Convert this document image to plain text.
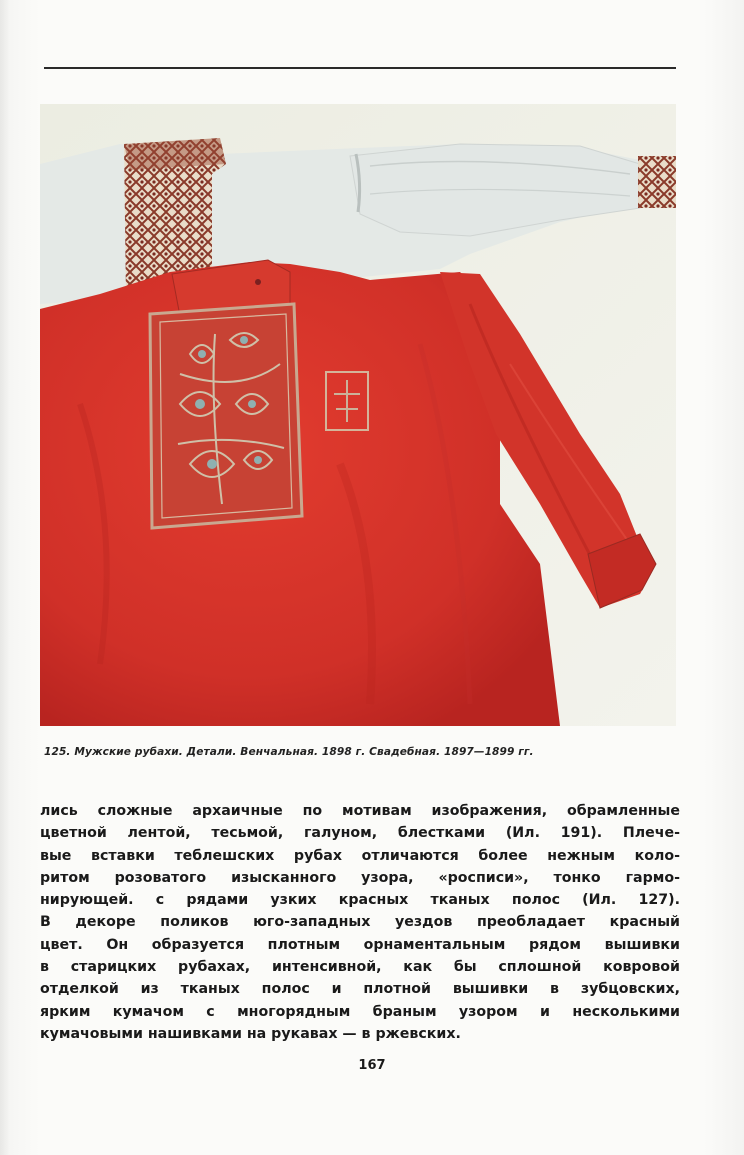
125. Мужские рубахи. Детали. Венчальная. 1898 г. Свадебная. 1897—1899 гг.
лись сложные архаичные по мотивам изображения, обрамленные
цветной лентой, тесьмой, галуном, блестками (Ил. 191). Плече-
вые вставки теблешских рубах отличаются более нежным коло-
ритом розоватого изысканного узора, «росписи», тонко гармо-
нирующей. с рядами узких красных тканых полос (Ил. 127).
В декоре поликов юго-западных уездов преобладает красный
цвет. Он образуется плотным орнаментальным рядом вышивки
в старицких рубахах, интенсивной, как бы сплошной ковровой
отделкой из тканых полос и плотной вышивки в зубцовских,
ярким кумачом с многорядным браным узором и несколькими
кумачовыми нашивками на рукавах — в ржевских.
167
